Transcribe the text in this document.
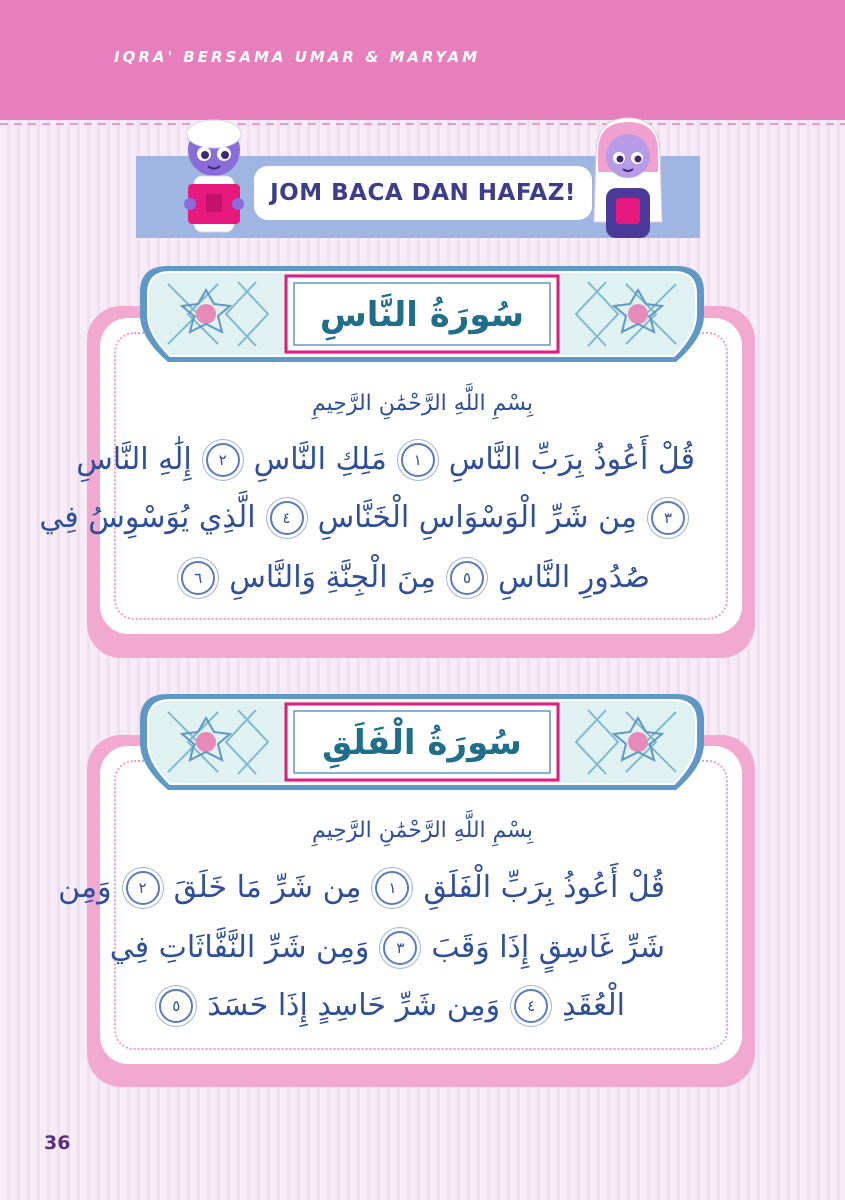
IQRA' BERSAMA UMAR & MARYAM
JOM BACA DAN HAFAZ!
سُورَةُ النَّاسِ
بِسْمِ اللَّهِ الرَّحْمَٰنِ الرَّحِيمِ
قُلْ أَعُوذُ بِرَبِّ النَّاسِ
١
مَلِكِ النَّاسِ
٢
إِلَٰهِ النَّاسِ
٣
مِن شَرِّ الْوَسْوَاسِ الْخَنَّاسِ
٤
الَّذِي يُوَسْوِسُ فِي
صُدُورِ النَّاسِ
٥
مِنَ الْجِنَّةِ وَالنَّاسِ
٦
سُورَةُ الْفَلَقِ
بِسْمِ اللَّهِ الرَّحْمَٰنِ الرَّحِيمِ
قُلْ أَعُوذُ بِرَبِّ الْفَلَقِ
١
مِن شَرِّ مَا خَلَقَ
٢
وَمِن
شَرِّ غَاسِقٍ إِذَا وَقَبَ
٣
وَمِن شَرِّ النَّفَّاثَاتِ فِي
الْعُقَدِ
٤
وَمِن شَرِّ حَاسِدٍ إِذَا حَسَدَ
٥
36
